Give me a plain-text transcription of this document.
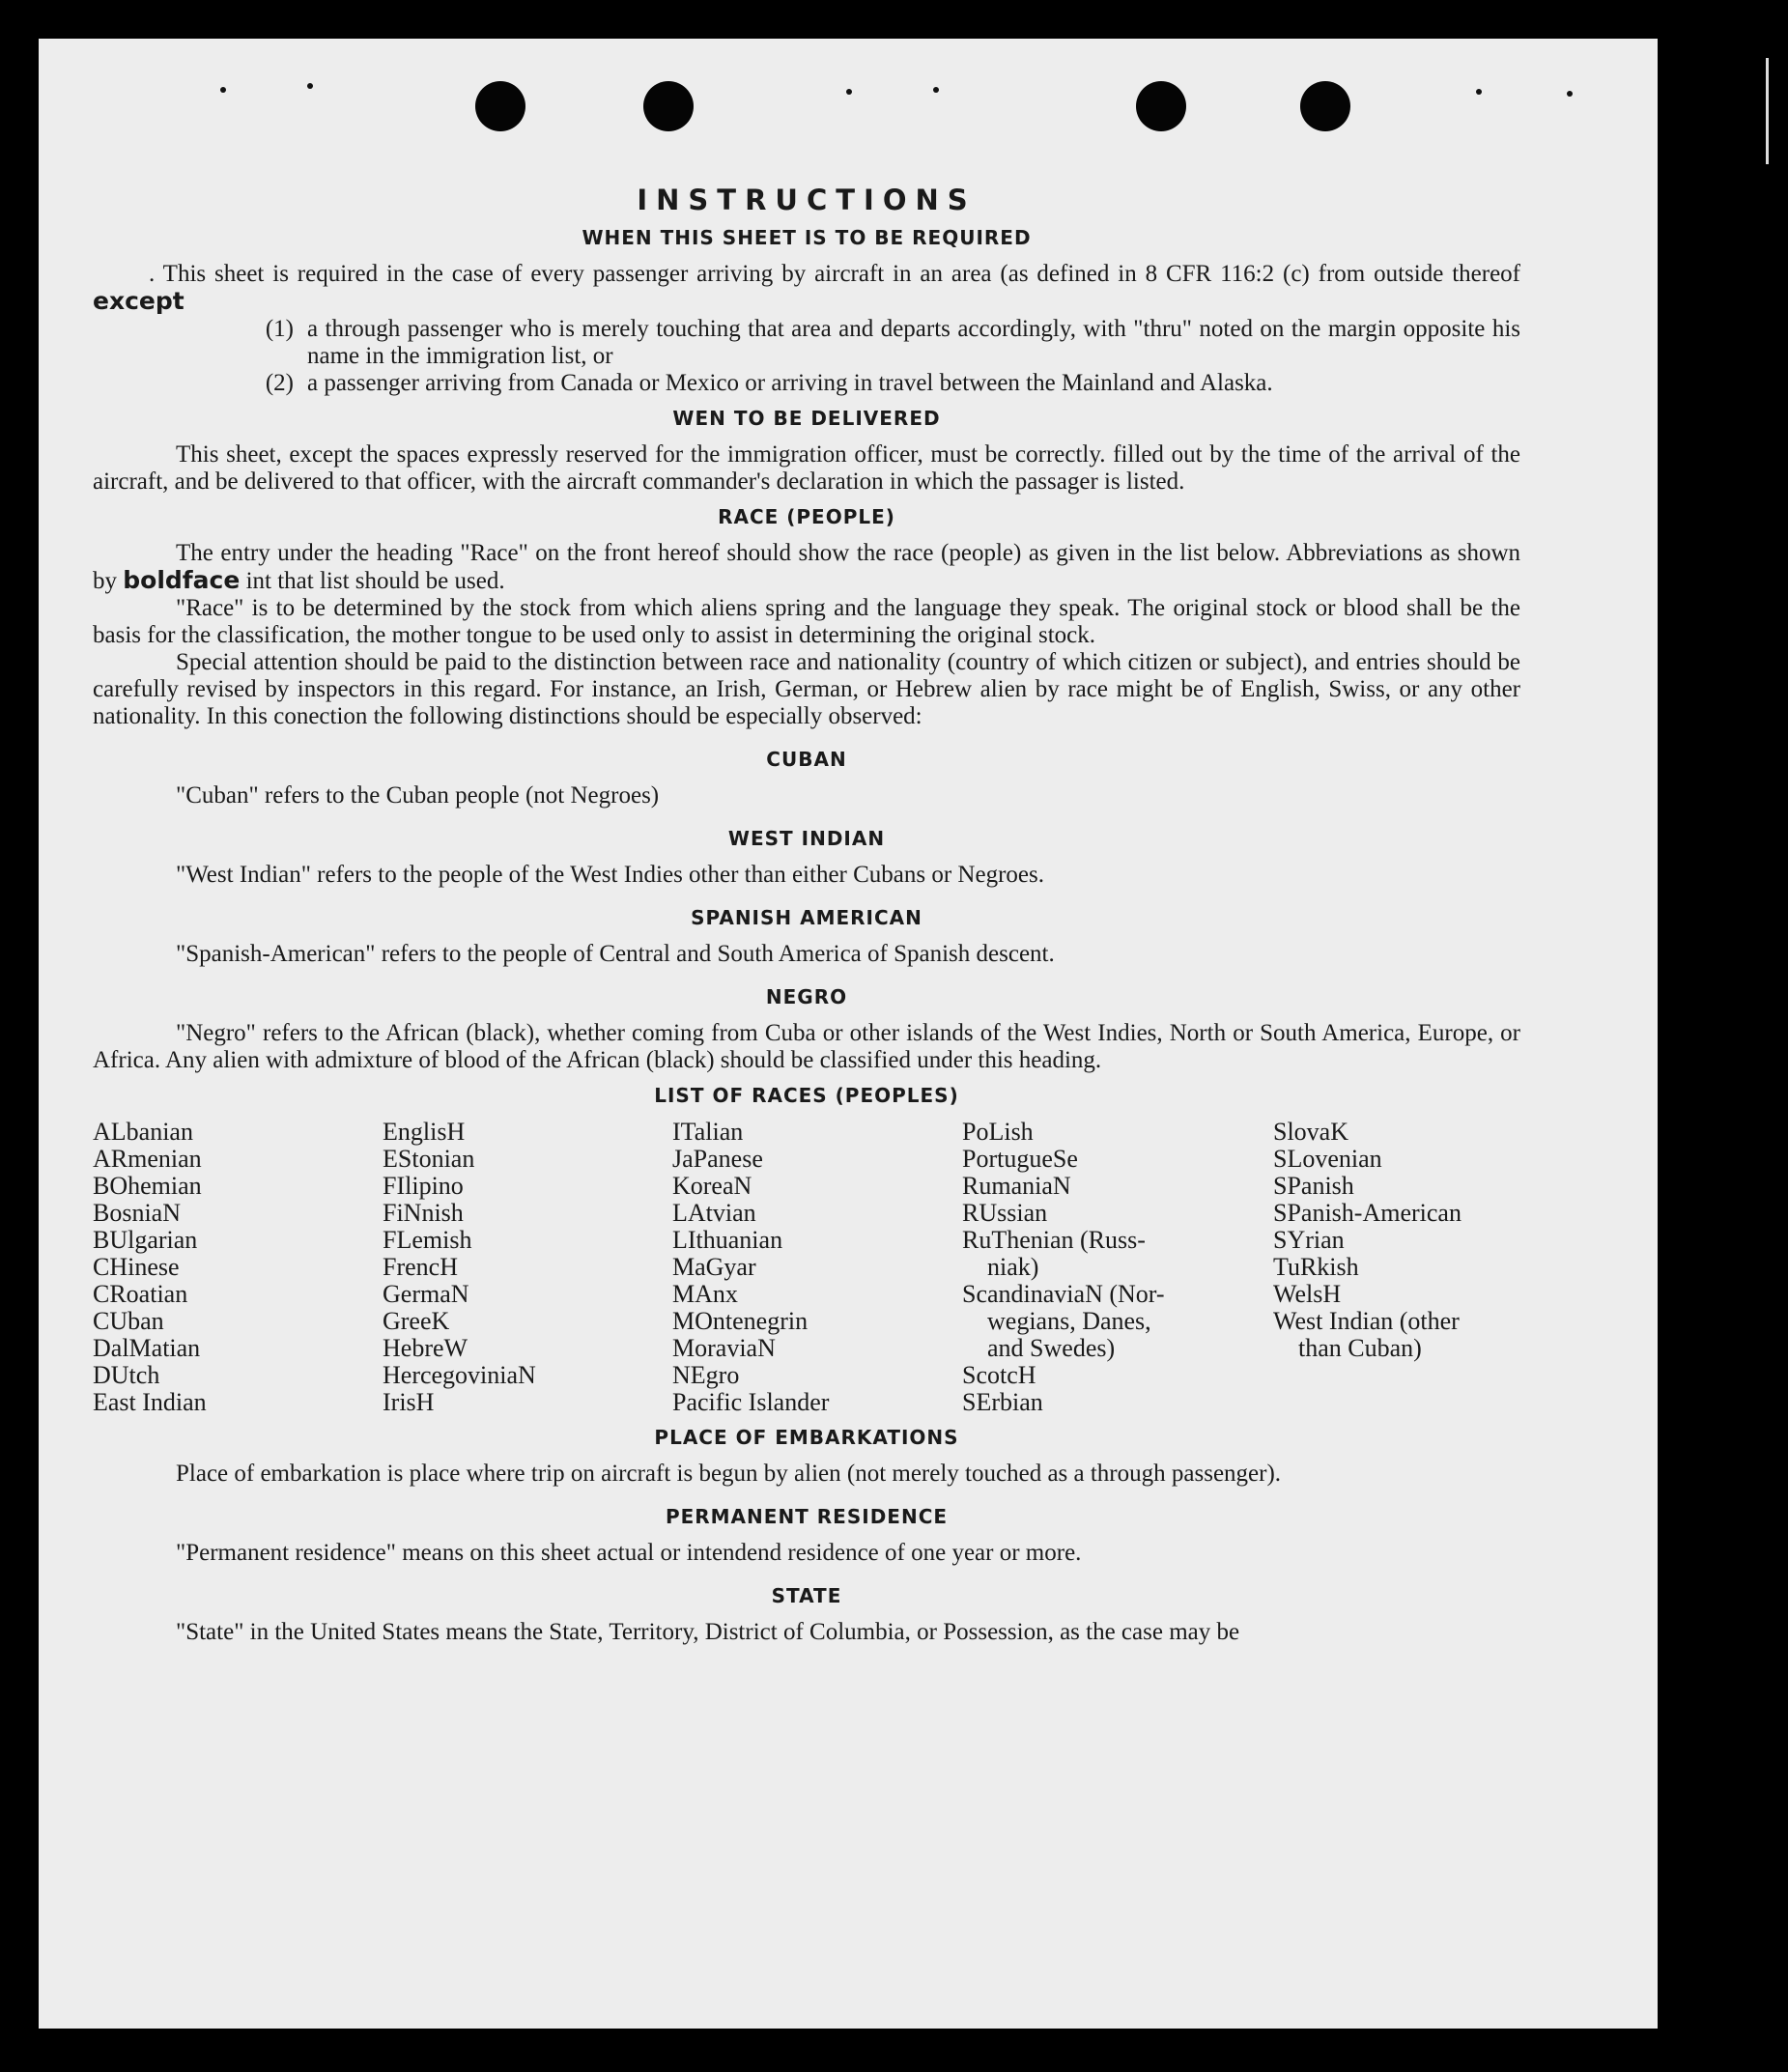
INSTRUCTIONS
WHEN THIS SHEET IS TO BE REQUIRED

. This sheet is required in the case of every passenger arriving by aircraft in an area (as defined in 8 CFR 116:2 (c) from outside thereof except

(1) a through passenger who is merely touching that area and departs accordingly, with "thru" noted on the margin opposite his name in the immigration list, or
(2) a passenger arriving from Canada or Mexico or arriving in travel between the Mainland and Alaska.
WEN TO BE DELIVERED

This sheet, except the spaces expressly reserved for the immigration officer, must be correctly. filled out by the time of the arrival of the aircraft, and be delivered to that officer, with the aircraft commander's declaration in which the passager is listed.

RACE (PEOPLE)

The entry under the heading "Race" on the front hereof should show the race (people) as given in the list below. Abbreviations as shown by boldface int that list should be used.

"Race" is to be determined by the stock from which aliens spring and the language they speak. The original stock or blood shall be the basis for the classification, the mother tongue to be used only to assist in determining the original stock.

Special attention should be paid to the distinction between race and nationality (country of which citizen or subject), and entries should be carefully revised by inspectors in this regard. For instance, an Irish, German, or Hebrew alien by race might be of English, Swiss, or any other nationality. In this conection the following distinctions should be especially observed:

CUBAN

"Cuban" refers to the Cuban people (not Negroes)

WEST INDIAN

"West Indian" refers to the people of the West Indies other than either Cubans or Negroes.

SPANISH AMERICAN

"Spanish-American" refers to the people of Central and South America of Spanish descent.

NEGRO

"Negro" refers to the African (black), whether coming from Cuba or other islands of the West Indies, North or South America, Europe, or Africa. Any alien with admixture of blood of the African (black) should be classified under this heading.

LIST OF RACES (PEOPLES)
ALbanian
ARmenian
BOhemian
BosniaN
BUlgarian
CHinese
CRoatian
CUban
DalMatian
DUtch
East Indian
EnglisH
EStonian
FIlipino
FiNnish
FLemish
FrencH
GermaN
GreeK
HebreW
HercegoviniaN
IrisH
ITalian
JaPanese
KoreaN
LAtvian
LIthuanian
MaGyar
MAnx
MOntenegrin
MoraviaN
NEgro
Pacific Islander
PoLish
PortugueSe
RumaniaN
RUssian
RuThenian (Russ-
niak)
ScandinaviaN (Nor-
wegians, Danes,
and Swedes)
ScotcH
SErbian
SlovaK
SLovenian
SPanish
SPanish-American
SYrian
TuRkish
WelsH
West Indian (other
than Cuban)
PLACE OF EMBARKATIONS

Place of embarkation is place where trip on aircraft is begun by alien (not merely touched as a through passenger).

PERMANENT RESIDENCE

"Permanent residence" means on this sheet actual or intendend residence of one year or more.

STATE

"State" in the United States means the State, Territory, District of Columbia, or Possession, as the case may be
